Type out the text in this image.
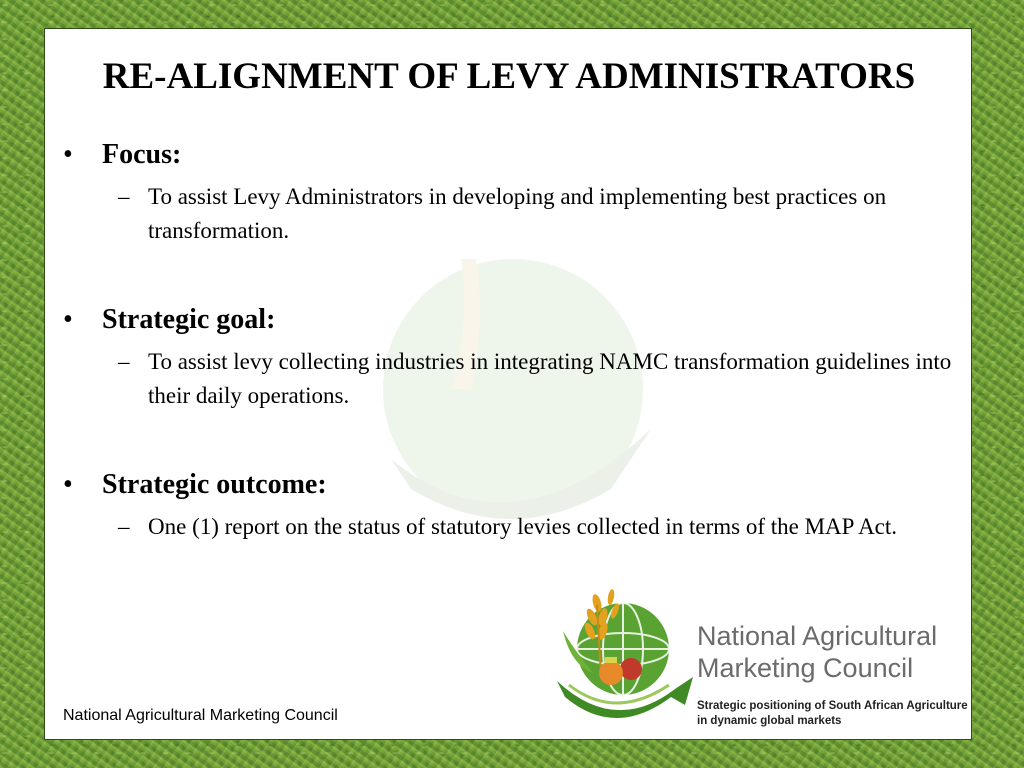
RE-ALIGNMENT OF LEVY ADMINISTRATORS
• Focus:
– To assist Levy Administrators in developing and implementing best practices on transformation.
• Strategic goal:
– To assist levy collecting industries in integrating NAMC transformation guidelines into their daily operations.
• Strategic outcome:
– One (1) report on the status of statutory levies collected in terms of the MAP Act.
National Agricultural
Marketing Council
Strategic positioning of South African Agriculture
in dynamic global markets
National Agricultural Marketing Council
